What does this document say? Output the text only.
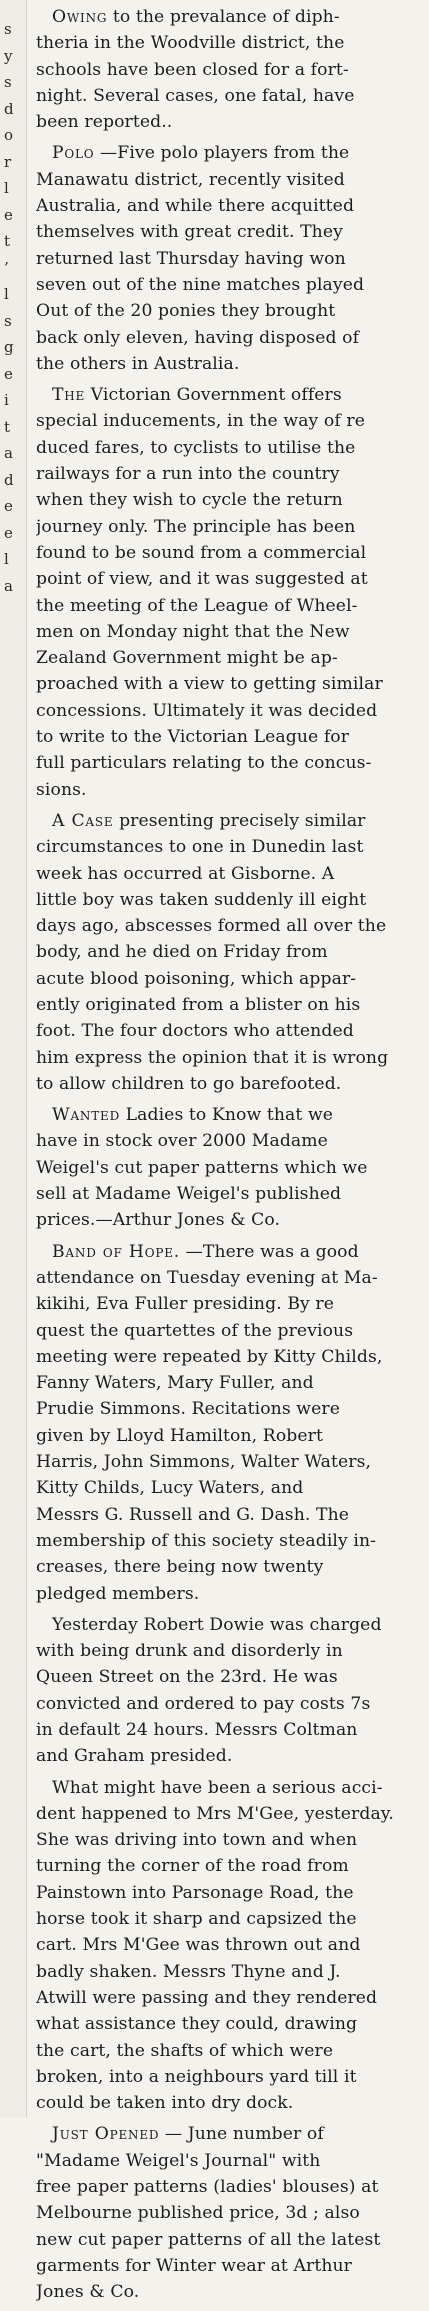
s
y
s
d
o
r
l
e
t
’
l
s
g
e
i
t
a
d
e
e
l
a
Owing to the prevalance of diph-
theria in the Woodville district, the
schools have been closed for a fort-
night. Several cases, one fatal, have
been reported..
Polo —Five polo players from the
Manawatu district, recently visited
Australia, and while there acquitted
themselves with great credit. They
returned last Thursday having won
seven out of the nine matches played
Out of the 20 ponies they brought
back only eleven, having disposed of
the others in Australia.
The Victorian Government offers
special inducements, in the way of re
duced fares, to cyclists to utilise the
railways for a run into the country
when they wish to cycle the return
journey only. The principle has been
found to be sound from a commercial
point of view, and it was suggested at
the meeting of the League of Wheel-
men on Monday night that the New
Zealand Government might be ap-
proached with a view to getting similar
concessions. Ultimately it was decided
to write to the Victorian League for
full particulars relating to the concus-
sions.
A Case presenting precisely similar
circumstances to one in Dunedin last
week has occurred at Gisborne. A
little boy was taken suddenly ill eight
days ago, abscesses formed all over the
body, and he died on Friday from
acute blood poisoning, which appar-
ently originated from a blister on his
foot. The four doctors who attended
him express the opinion that it is wrong
to allow children to go barefooted.
Wanted Ladies to Know that we
have in stock over 2000 Madame
Weigel's cut paper patterns which we
sell at Madame Weigel's published
prices.—Arthur Jones & Co.
Band of Hope. —There was a good
attendance on Tuesday evening at Ma-
kikihi, Eva Fuller presiding. By re
quest the quartettes of the previous
meeting were repeated by Kitty Childs,
Fanny Waters, Mary Fuller, and
Prudie Simmons. Recitations were
given by Lloyd Hamilton, Robert
Harris, John Simmons, Walter Waters,
Kitty Childs, Lucy Waters, and
Messrs G. Russell and G. Dash. The
membership of this society steadily in-
creases, there being now twenty
pledged members.
Yesterday Robert Dowie was charged
with being drunk and disorderly in
Queen Street on the 23rd. He was
convicted and ordered to pay costs 7s
in default 24 hours. Messrs Coltman
and Graham presided.
What might have been a serious acci-
dent happened to Mrs M'Gee, yesterday.
She was driving into town and when
turning the corner of the road from
Painstown into Parsonage Road, the
horse took it sharp and capsized the
cart. Mrs M'Gee was thrown out and
badly shaken. Messrs Thyne and J.
Atwill were passing and they rendered
what assistance they could, drawing
the cart, the shafts of which were
broken, into a neighbours yard till it
could be taken into dry dock.
Just Opened — June number of
"Madame Weigel's Journal" with
free paper patterns (ladies' blouses) at
Melbourne published price, 3d ; also
new cut paper patterns of all the latest
garments for Winter wear at Arthur
Jones & Co.
